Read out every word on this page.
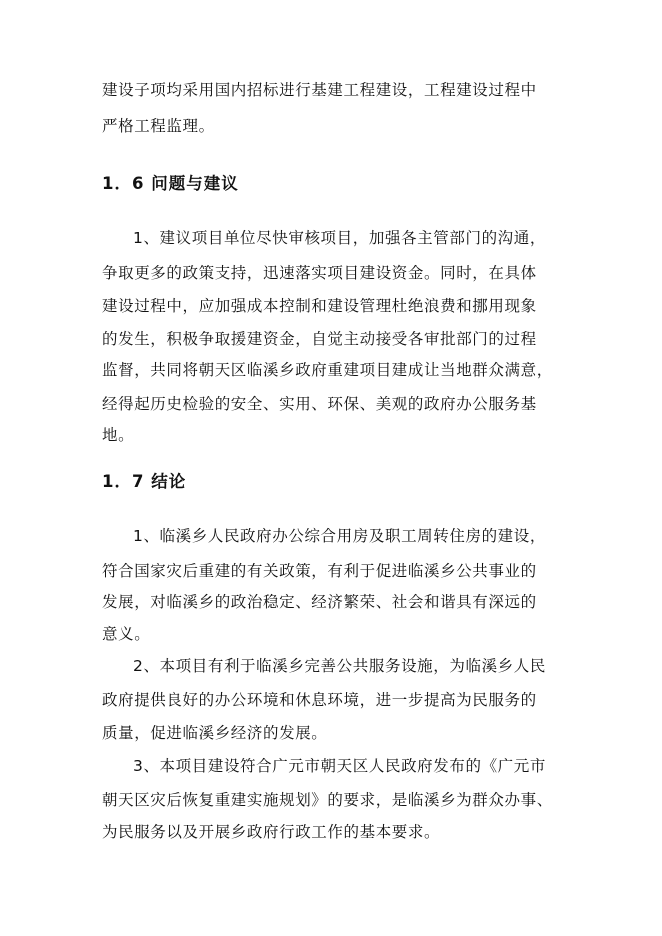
建设子项均采用国内招标进行基建工程建设，工程建设过程中
严格工程监理。
1．6 问题与建议
1、建议项目单位尽快审核项目，加强各主管部门的沟通，
争取更多的政策支持，迅速落实项目建设资金。同时，在具体
建设过程中，应加强成本控制和建设管理杜绝浪费和挪用现象
的发生，积极争取援建资金，自觉主动接受各审批部门的过程
监督，共同将朝天区临溪乡政府重建项目建成让当地群众满意，
经得起历史检验的安全、实用、环保、美观的政府办公服务基
地。
1．7 结论
1、临溪乡人民政府办公综合用房及职工周转住房的建设，
符合国家灾后重建的有关政策，有利于促进临溪乡公共事业的
发展，对临溪乡的政治稳定、经济繁荣、社会和谐具有深远的
意义。
2、本项目有利于临溪乡完善公共服务设施，为临溪乡人民
政府提供良好的办公环境和休息环境，进一步提高为民服务的
质量，促进临溪乡经济的发展。
3、本项目建设符合广元市朝天区人民政府发布的《广元市
朝天区灾后恢复重建实施规划》的要求，是临溪乡为群众办事、
为民服务以及开展乡政府行政工作的基本要求。
